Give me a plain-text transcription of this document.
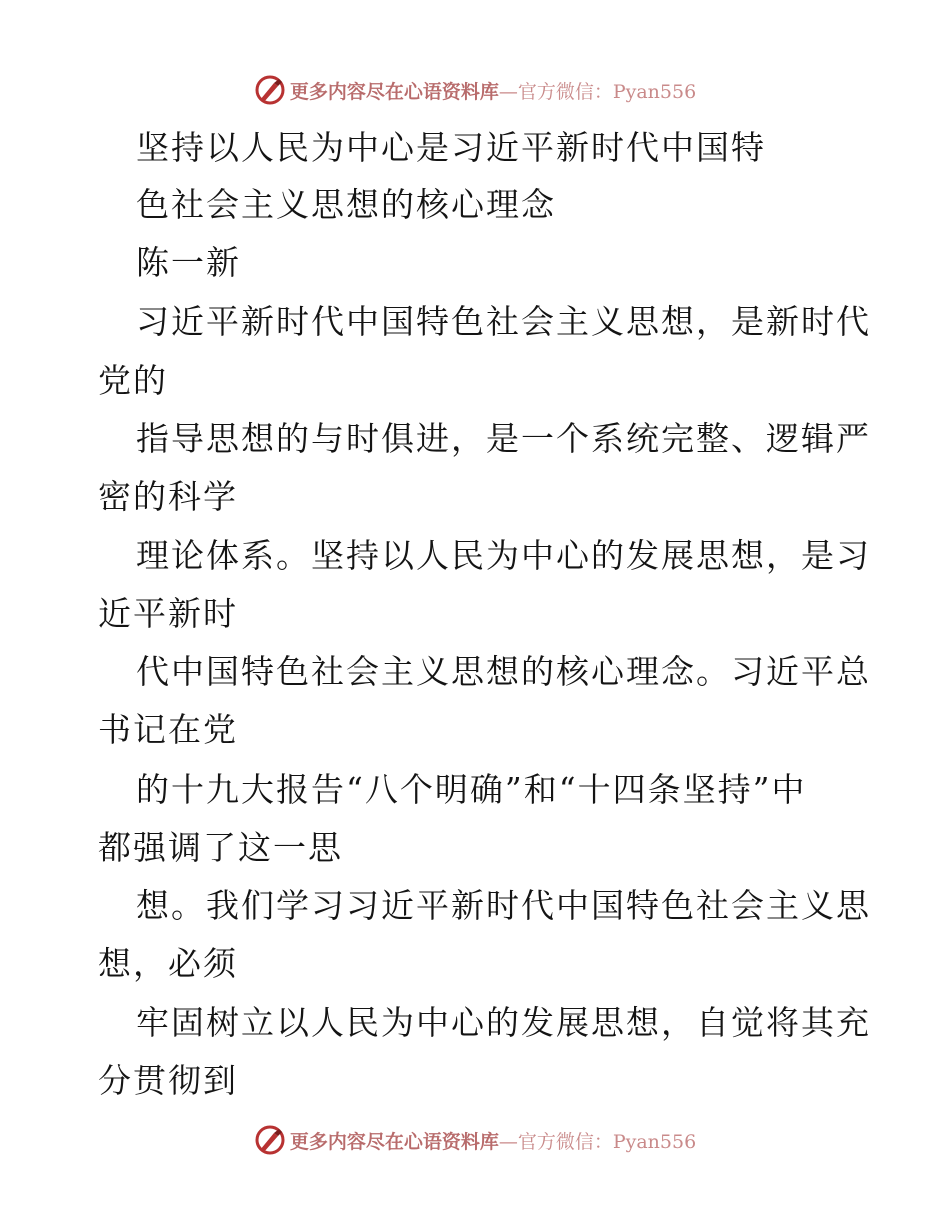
更多内容尽在心语资料库—官方微信：Pyan556
坚持以人民为中心是习近平新时代中国特
色社会主义思想的核心理念
陈一新
习近平新时代中国特色社会主义思想，是新时代
党的
指导思想的与时俱进，是一个系统完整、逻辑严
密的科学
理论体系。坚持以人民为中心的发展思想，是习
近平新时
代中国特色社会主义思想的核心理念。习近平总
书记在党
的十九大报告“八个明确”和“十四条坚持”中
都强调了这一思
想。我们学习习近平新时代中国特色社会主义思
想，必须
牢固树立以人民为中心的发展思想，自觉将其充
分贯彻到
更多内容尽在心语资料库—官方微信：Pyan556
